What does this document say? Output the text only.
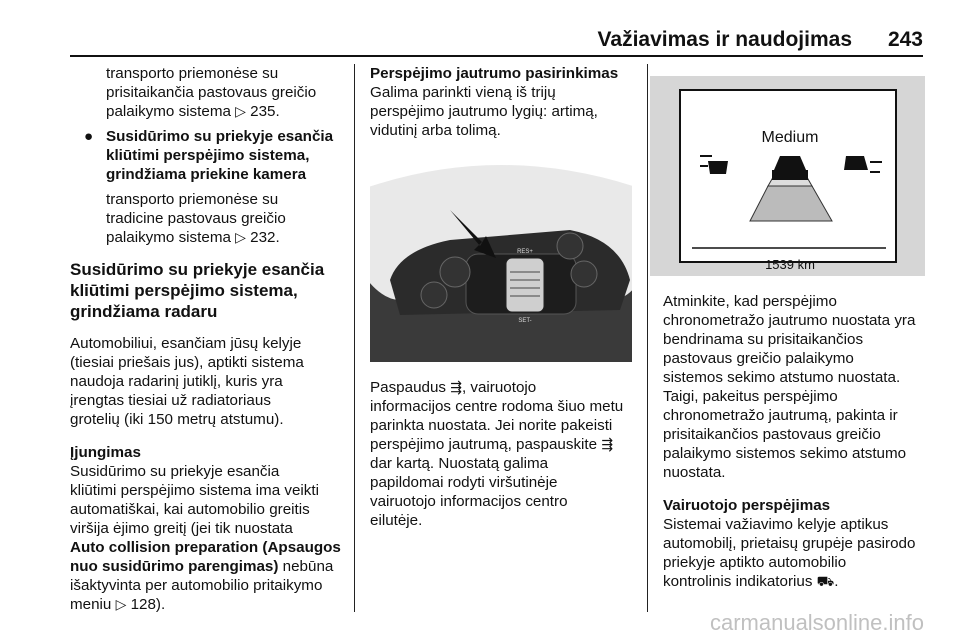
Važiavimas ir naudojimas 243

transporto priemonėse su

prisitaikančia pastovaus greičio

palaikymo sistema ▷ 235.

● Susidūrimo su priekyje esančia

kliūtimi perspėjimo sistema,

grindžiama priekine kamera

transporto priemonėse su

tradicine pastovaus greičio

palaikymo sistema ▷ 232.

Susidūrimo su priekyje esančia

kliūtimi perspėjimo sistema,

grindžiama radaru

Automobiliui, esančiam jūsų kelyje

(tiesiai priešais jus), aptikti sistema

naudoja radarinį jutiklį, kuris yra

įrengtas tiesiai už radiatoriaus

grotelių (iki 150 metrų atstumu).

Įjungimas

Susidūrimo su priekyje esančia

kliūtimi perspėjimo sistema ima veikti

automatiškai, kai automobilio greitis

viršija ėjimo greitį (jei tik nuostata

Auto collision preparation (Apsaugos

nuo susidūrimo parengimas) nebūna

išaktyvinta per automobilio pritaikymo

meniu ▷ 128).

Perspėjimo jautrumo pasirinkimas

Galima parinkti vieną iš trijų

perspėjimo jautrumo lygių: artimą,

vidutinį arba tolimą.

RES+
SET-

Paspaudus ⇶, vairuotojo

informacijos centre rodoma šiuo metu

parinkta nuostata. Jei norite pakeisti

perspėjimo jautrumą, paspauskite ⇶

dar kartą. Nuostatą galima

papildomai rodyti viršutinėje

vairuotojo informacijos centro

eilutėje.

Medium
1539 km

Atminkite, kad perspėjimo

chronometražo jautrumo nuostata yra

bendrinama su prisitaikančios

pastovaus greičio palaikymo

sistemos sekimo atstumo nuostata.

Taigi, pakeitus perspėjimo

chronometražo jautrumą, pakinta ir

prisitaikančios pastovaus greičio

palaikymo sistemos sekimo atstumo

nuostata.

Vairuotojo perspėjimas

Sistemai važiavimo kelyje aptikus

automobilį, prietaisų grupėje pasirodo

priekyje aptikto automobilio

kontrolinis indikatorius ⛟.

carmanualsonline.info
